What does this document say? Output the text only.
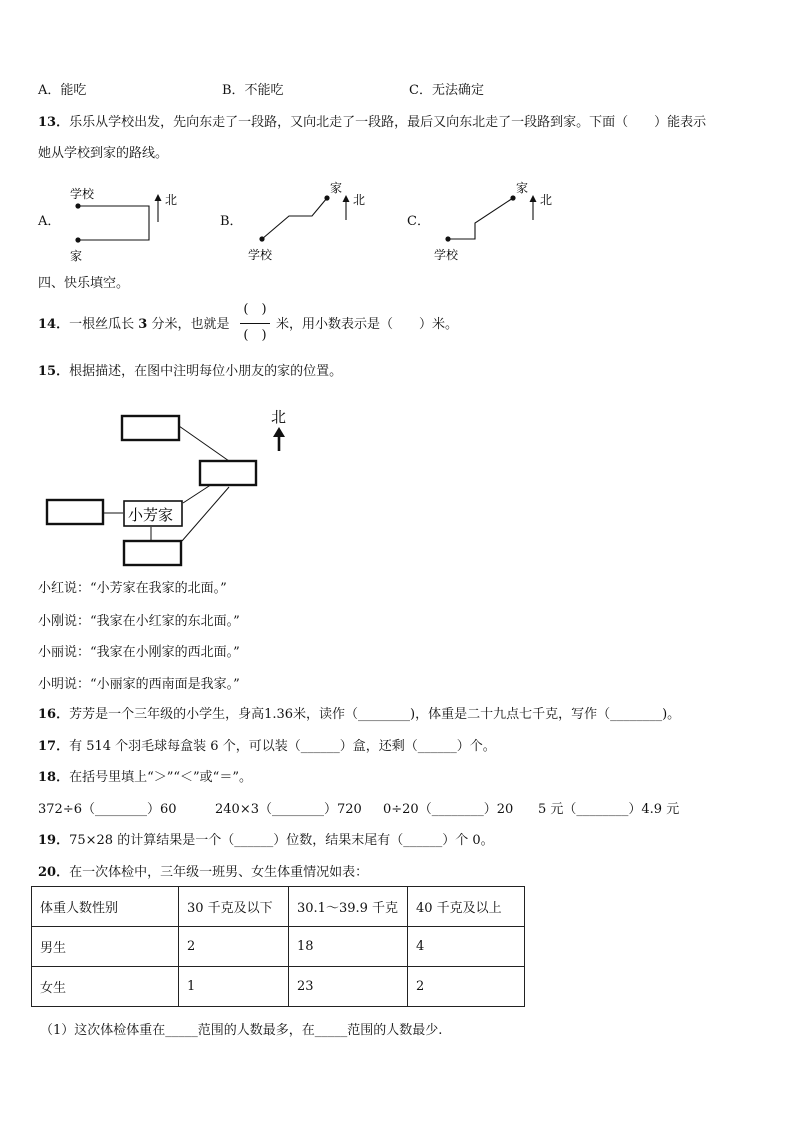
A．能吃	B．不能吃	C．无法确定
13．乐乐从学校出发，先向东走了一段路，又向北走了一段路，最后又向东北走了一段路到家。下面（　　）能表示
她从学校到家的路线。
A．
学校
家
北
B．
家
学校
北
C．
家
学校
北
四、快乐填空。
14．一根丝瓜长 3 分米，也就是
(　)
(　)
米，用小数表示是（　　）米。
15．根据描述，在图中注明每位小朋友的家的位置。
小芳家
北
小红说：“小芳家在我家的北面。”
小刚说：“我家在小红家的东北面。”
小丽说：“我家在小刚家的西北面。”
小明说：“小丽家的西南面是我家。”
16．芳芳是一个三年级的小学生，身高1.36米，读作（________)，体重是二十九点七千克，写作（________)。
17．有 514 个羽毛球每盒装 6 个，可以装（______）盒，还剩（______）个。
18．在括号里填上“＞”“＜”或“＝”。
372÷6（________）60	240×3（________）720 0÷20（________）20 5 元（________）4.9 元
19．75×28 的计算结果是一个（______）位数，结果末尾有（______）个 0。
20．在一次体检中，三年级一班男、女生体重情况如表：
体重人数性别	30 千克及以下	30.1～39.9 千克	40 千克及以上
男生	2	18	4
女生	1	23	2
（1）这次体检体重在_____范围的人数最多，在_____范围的人数最少.
